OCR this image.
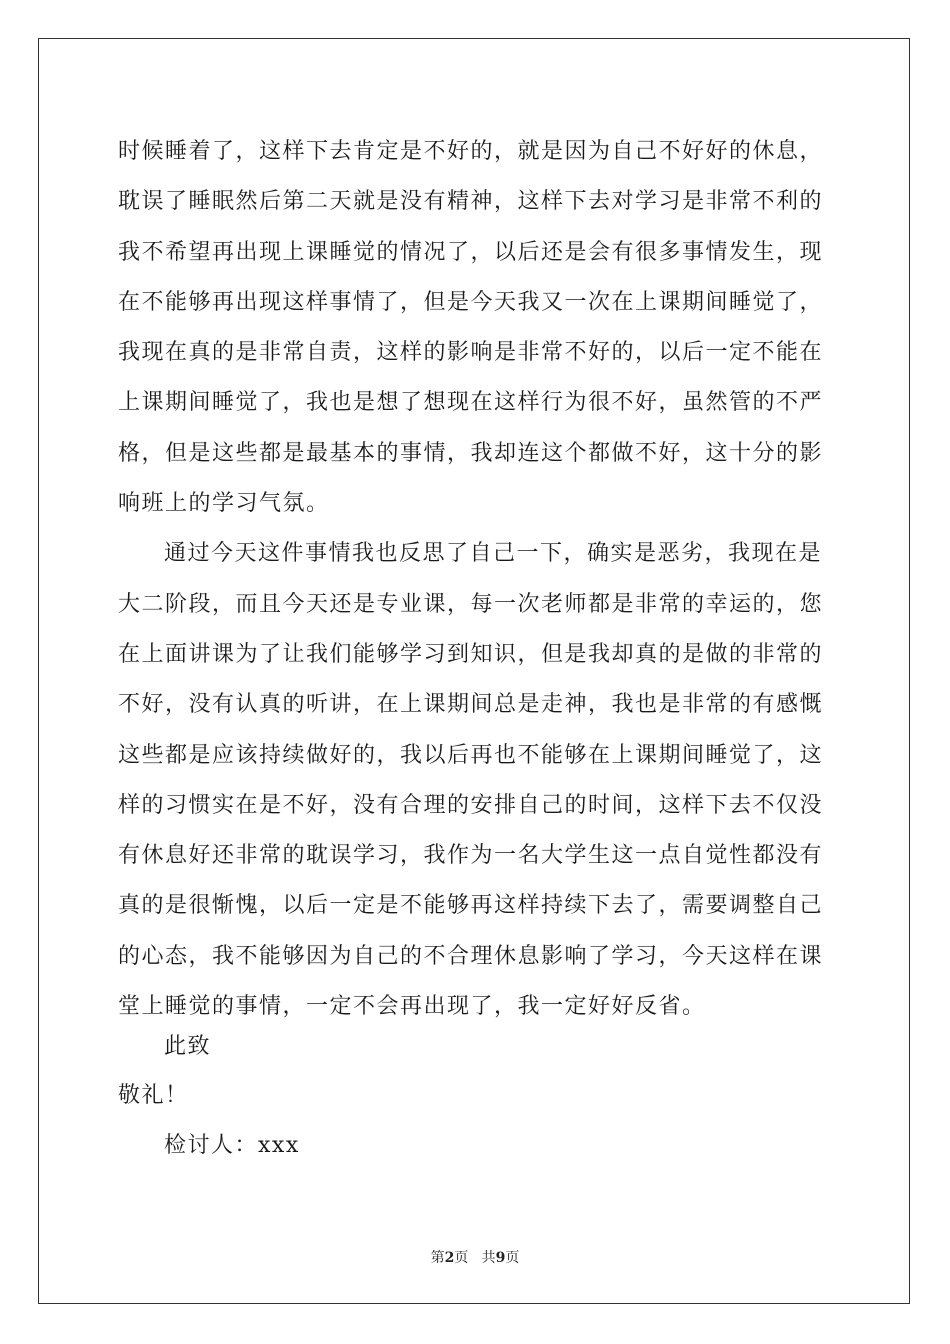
时候睡着了，这样下去肯定是不好的，就是因为自己不好好的休息，
耽误了睡眠然后第二天就是没有精神，这样下去对学习是非常不利的
我不希望再出现上课睡觉的情况了，以后还是会有很多事情发生，现
在不能够再出现这样事情了，但是今天我又一次在上课期间睡觉了，
我现在真的是非常自责，这样的影响是非常不好的，以后一定不能在
上课期间睡觉了，我也是想了想现在这样行为很不好，虽然管的不严
格，但是这些都是最基本的事情，我却连这个都做不好，这十分的影
响班上的学习气氛。
通过今天这件事情我也反思了自己一下，确实是恶劣，我现在是
大二阶段，而且今天还是专业课，每一次老师都是非常的幸运的，您
在上面讲课为了让我们能够学习到知识，但是我却真的是做的非常的
不好，没有认真的听讲，在上课期间总是走神，我也是非常的有感慨
这些都是应该持续做好的，我以后再也不能够在上课期间睡觉了，这
样的习惯实在是不好，没有合理的安排自己的时间，这样下去不仅没
有休息好还非常的耽误学习，我作为一名大学生这一点自觉性都没有
真的是很惭愧，以后一定是不能够再这样持续下去了，需要调整自己
的心态，我不能够因为自己的不合理休息影响了学习，今天这样在课
堂上睡觉的事情，一定不会再出现了，我一定好好反省。
此致
敬礼！
检讨人：xxx
第2页 共9页
